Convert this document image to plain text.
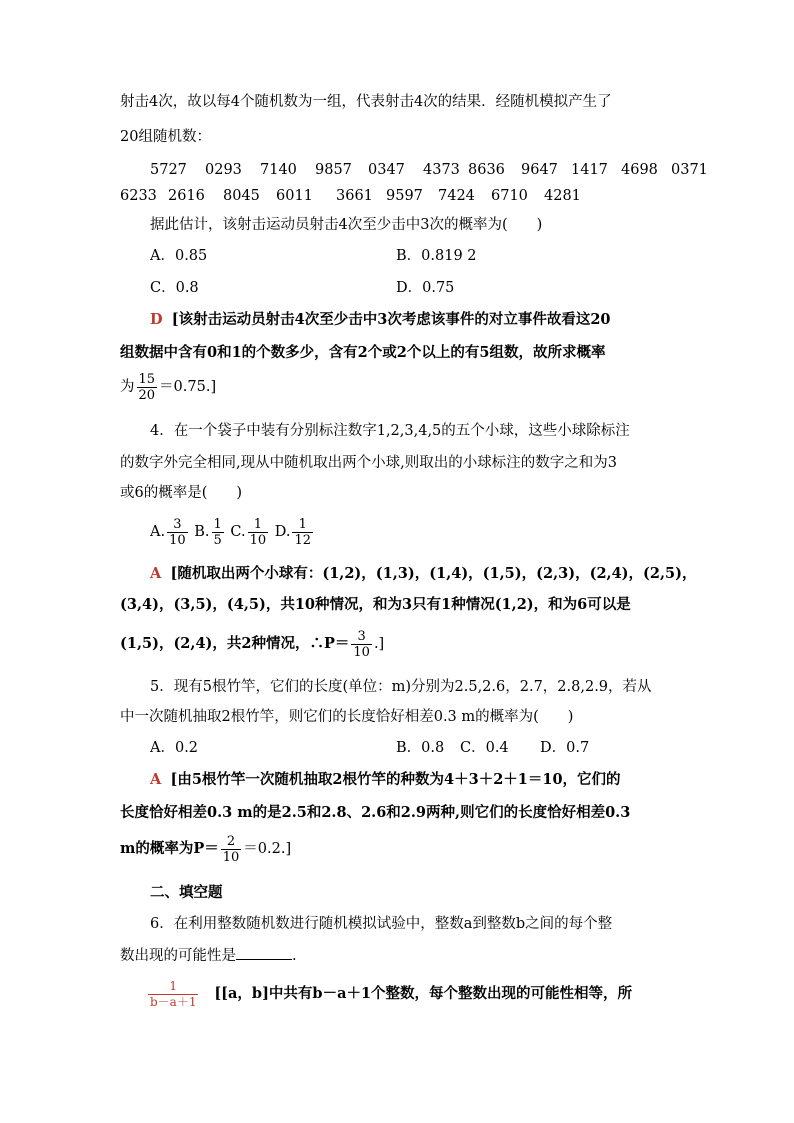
射击4次，故以每4个随机数为一组，代表射击4次的结果．经随机模拟产生了
20组随机数：
5727 0293 7140 9857 0347 4373 8636 9647 1417 4698 0371
6233 2616 8045 6011 3661 9597 7424 6710 4281
据此估计，该射击运动员射击4次至少击中3次的概率为(　　)
A．0.85	B．0.819 2
C．0.8	D．0.75
D [该射击运动员射击4次至少击中3次考虑该事件的对立事件故看这20
组数据中含有0和1的个数多少，含有2个或2个以上的有5组数，故所求概率
为 $\frac{15}{20} =0.75$.]
4．在一个袋子中装有分别标注数字1,2,3,4,5的五个小球，这些小球除标注
的数字外完全相同,现从中随机取出两个小球,则取出的小球标注的数字之和为3
或6的概率是(　　)
A. $\frac{3}{10} B$. $\frac{1}{5} C$. $\frac{1}{10} D$. $\frac{1}{12}$
A [随机取出两个小球有：(1,2)，(1,3)，(1,4)，(1,5)，(2,3)，(2,4)，(2,5)，
(3,4)，(3,5)，(4,5)，共10种情况，和为3只有1种情况(1,2)，和为6可以是
(1,5)，(2,4)，共2种情况，∴P＝ $\frac{3}{10}$ .]
5．现有5根竹竿，它们的长度(单位：m)分别为2.5,2.6，2.7，2.8,2.9，若从
中一次随机抽取2根竹竿，则它们的长度恰好相差0.3 m的概率为(　　)
A．0.2	B．0.8 C．0.4 D．0.7
A [由5根竹竿一次随机抽取2根竹竿的种数为4＋3＋2＋1＝10，它们的
长度恰好相差0.3 m的是2.5和2.8、2.6和2.9两种,则它们的长度恰好相差0.3
m的概率为$P= \frac{2}{10} =0.2$.]
二、填空题
6．在利用整数随机数进行随机模拟试验中，整数a到整数b之间的每个整
数出现的可能性是	.
$\frac{1}{b-a+1} [[a$，b]中共有b－a＋1个整数，每个整数出现的可能性相等，所
